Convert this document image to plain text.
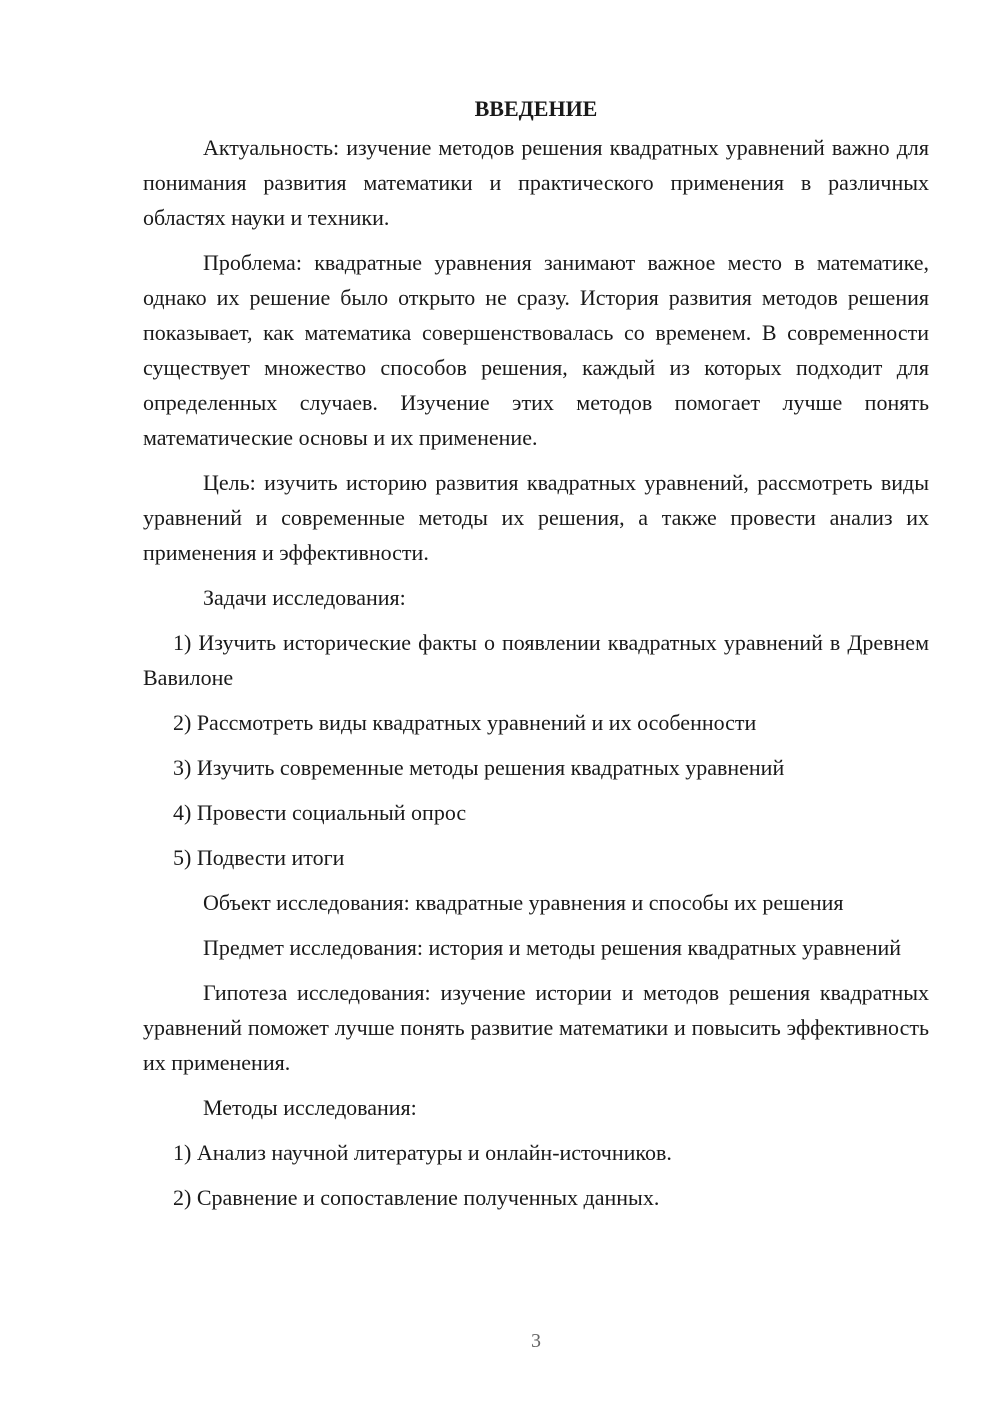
ВВЕДЕНИЕ

Актуальность: изучение методов решения квадратных уравнений важно для понимания развития математики и практического применения в различных областях науки и техники.

Проблема: квадратные уравнения занимают важное место в математике, однако их решение было открыто не сразу. История развития методов решения показывает, как математика совершенствовалась со временем. В современности существует множество способов решения, каждый из которых подходит для определенных случаев. Изучение этих методов помогает лучше понять математические основы и их применение.

Цель: изучить историю развития квадратных уравнений, рассмотреть виды уравнений и современные методы их решения, а также провести анализ их применения и эффективности.

Задачи исследования:

1) Изучить исторические факты о появлении квадратных уравнений в Древнем Вавилоне

2) Рассмотреть виды квадратных уравнений и их особенности

3) Изучить современные методы решения квадратных уравнений

4) Провести социальный опрос

5) Подвести итоги

Объект исследования: квадратные уравнения и способы их решения

Предмет исследования: история и методы решения квадратных уравнений

Гипотеза исследования: изучение истории и методов решения квадратных уравнений поможет лучше понять развитие математики и повысить эффективность их применения.

Методы исследования:

1) Анализ научной литературы и онлайн-источников.

2) Сравнение и сопоставление полученных данных.

3
